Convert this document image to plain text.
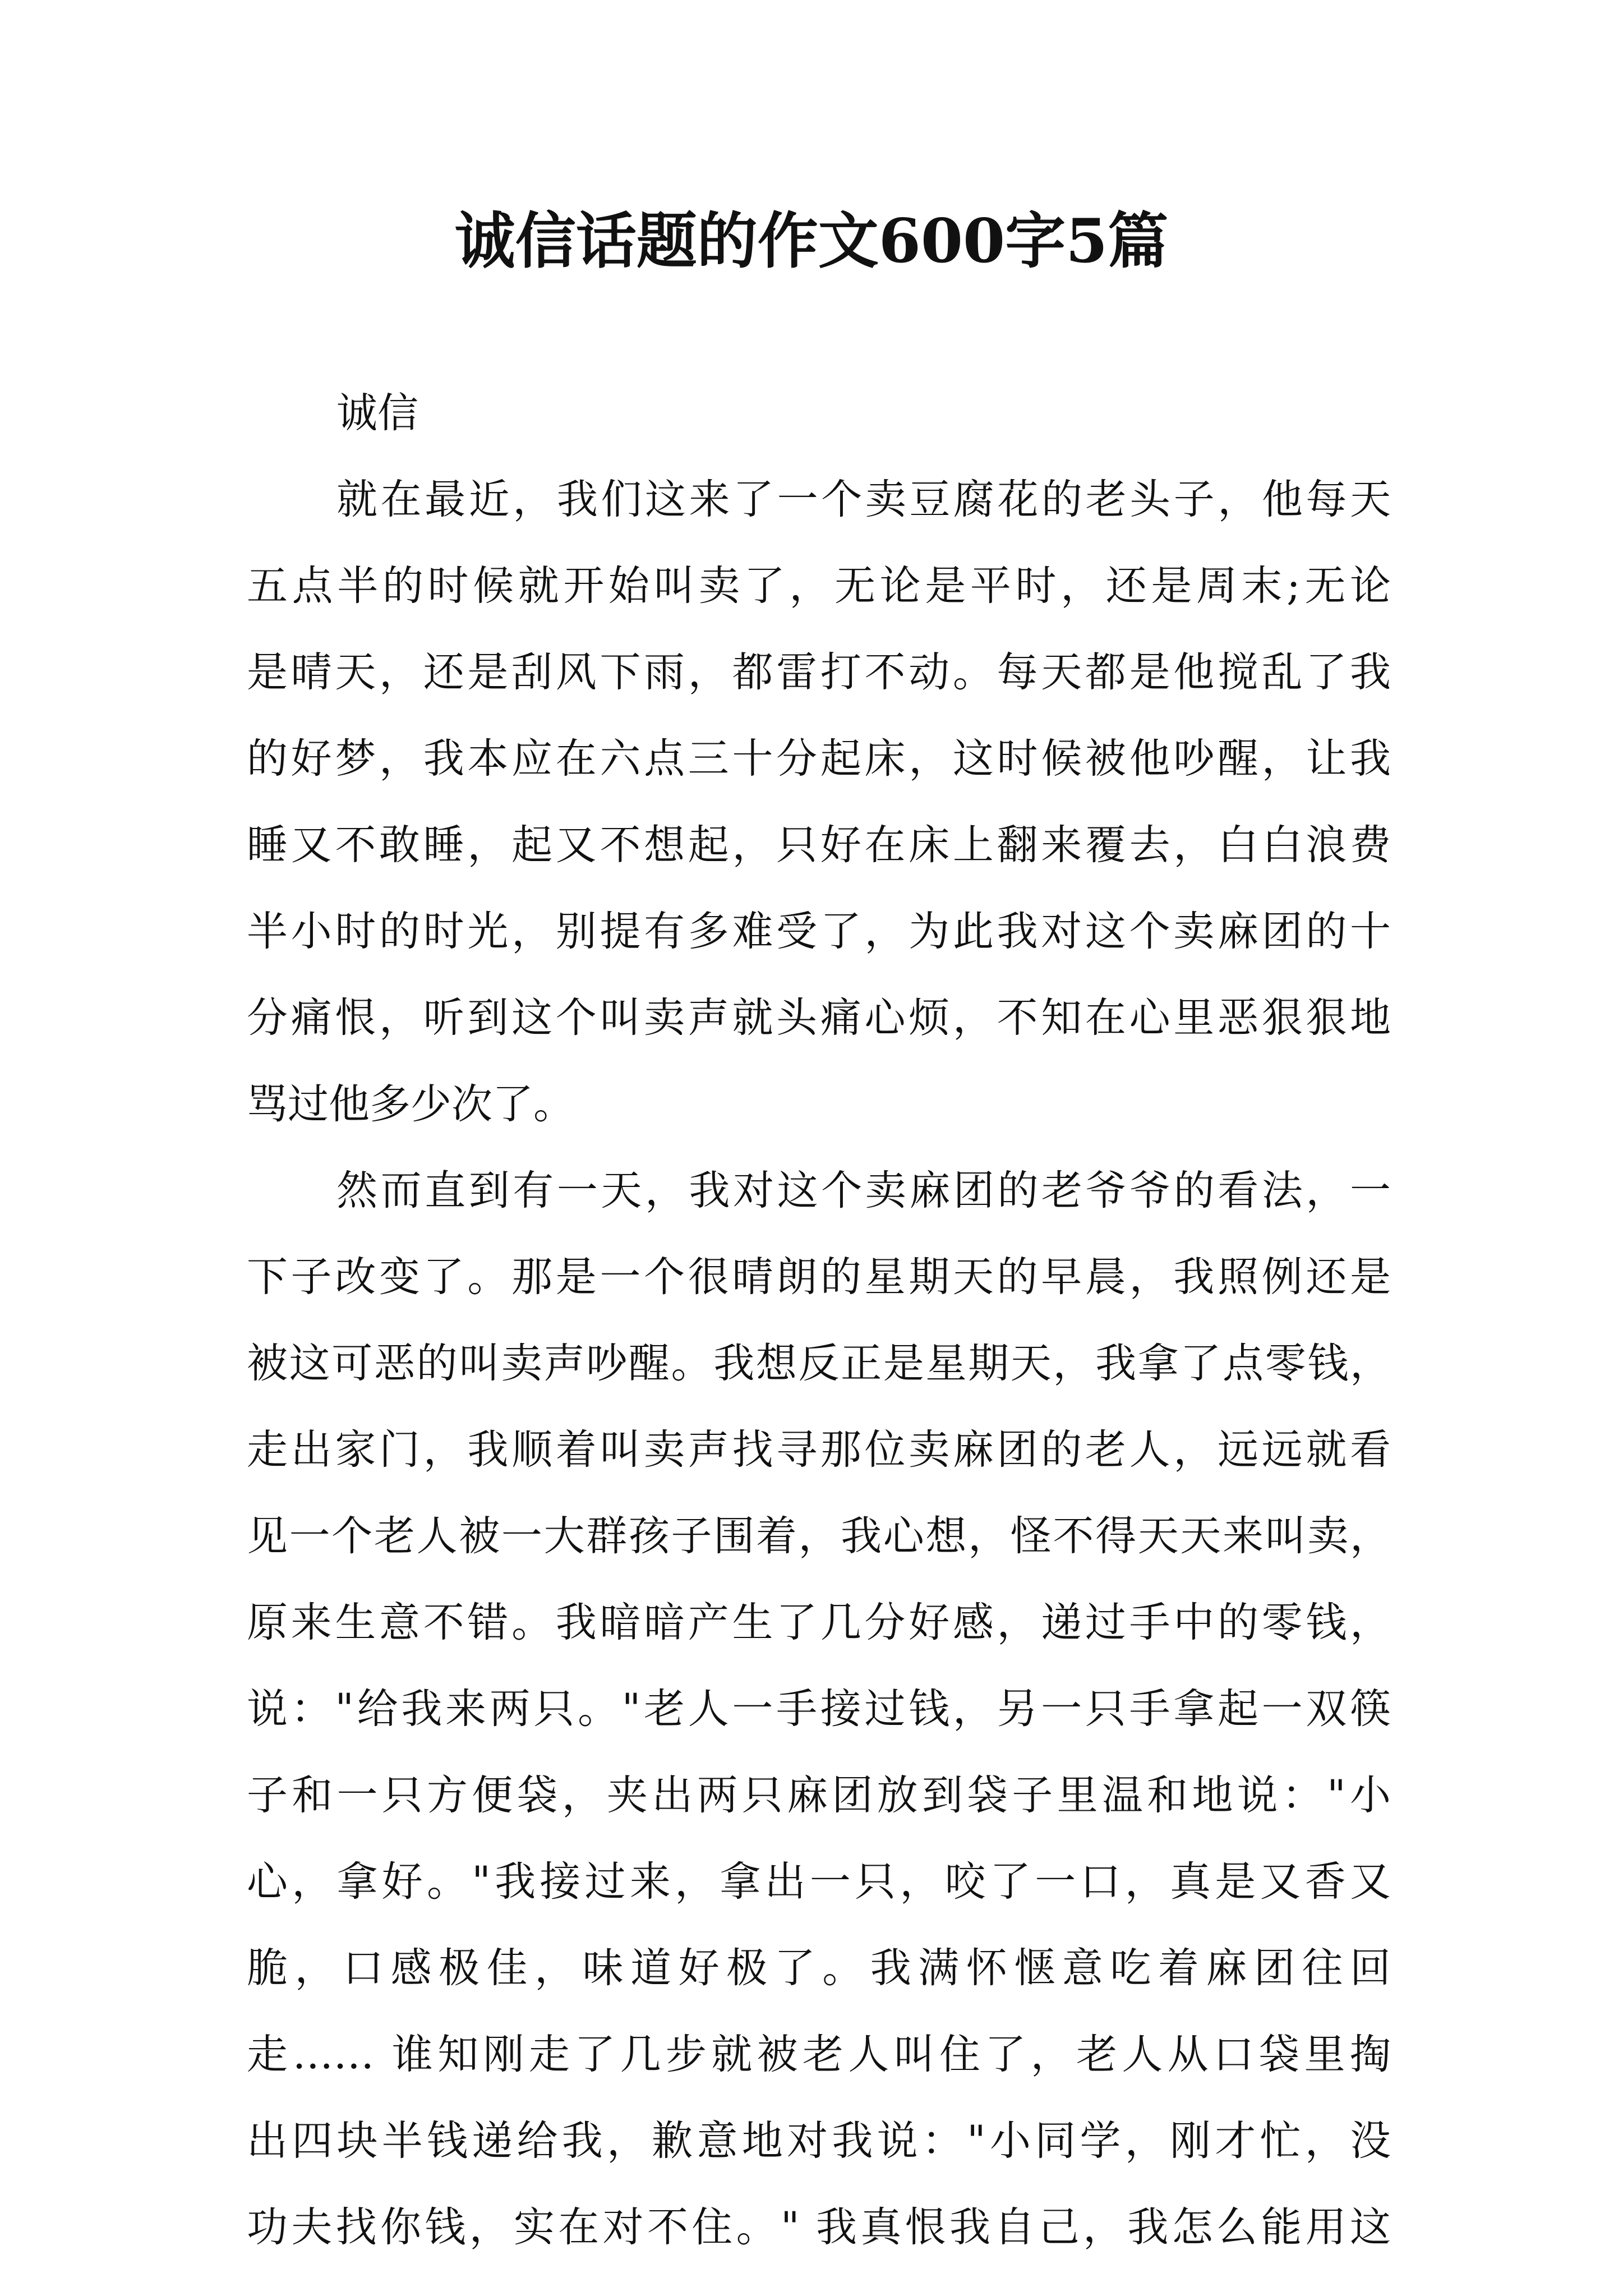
诚信话题的作文600字5篇
诚信
就在最近，我们这来了一个卖豆腐花的老头子，他每天
五点半的时候就开始叫卖了，无论是平时，还是周末;无论
是晴天，还是刮风下雨，都雷打不动。每天都是他搅乱了我
的好梦，我本应在六点三十分起床，这时候被他吵醒，让我
睡又不敢睡，起又不想起，只好在床上翻来覆去，白白浪费
半小时的时光，别提有多难受了，为此我对这个卖麻团的十
分痛恨，听到这个叫卖声就头痛心烦，不知在心里恶狠狠地
骂过他多少次了。
然而直到有一天，我对这个卖麻团的老爷爷的看法，一
下子改变了。那是一个很晴朗的星期天的早晨，我照例还是
被这可恶的叫卖声吵醒。我想反正是星期天，我拿了点零钱，
走出家门，我顺着叫卖声找寻那位卖麻团的老人，远远就看
见一个老人被一大群孩子围着，我心想，怪不得天天来叫卖，
原来生意不错。我暗暗产生了几分好感，递过手中的零钱，
说："给我来两只。"老人一手接过钱，另一只手拿起一双筷
子和一只方便袋，夹出两只麻团放到袋子里温和地说："小
心，拿好。"我接过来，拿出一只，咬了一口，真是又香又
脆，口感极佳，味道好极了。我满怀惬意吃着麻团往回
走…… 谁知刚走了几步就被老人叫住了，老人从口袋里掏
出四块半钱递给我，歉意地对我说："小同学，刚才忙，没
功夫找你钱，实在对不住。" 我真恨我自己，我怎么能用这
